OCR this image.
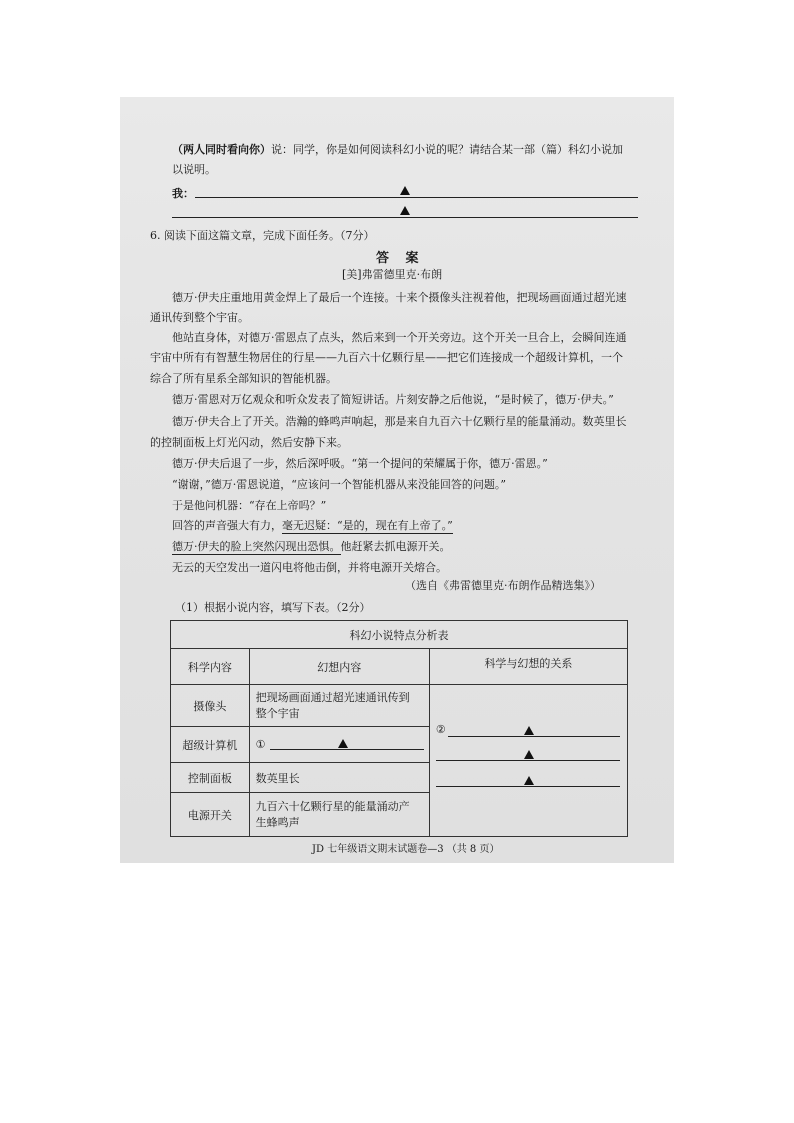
（两人同时看向你）说：同学，你是如何阅读科幻小说的呢？请结合某一部（篇）科幻小说加
以说明。
我：
6. 阅读下面这篇文章，完成下面任务。（7分）
答 案
[美]弗雷德里克·布朗
德万·伊夫庄重地用黄金焊上了最后一个连接。十来个摄像头注视着他，把现场画面通过超光速
通讯传到整个宇宙。
他站直身体，对德万·雷恩点了点头，然后来到一个开关旁边。这个开关一旦合上，会瞬间连通
宇宙中所有有智慧生物居住的行星——九百六十亿颗行星——把它们连接成一个超级计算机，一个
综合了所有星系全部知识的智能机器。
德万·雷恩对万亿观众和听众发表了简短讲话。片刻安静之后他说，“是时候了，德万·伊夫。”
德万·伊夫合上了开关。浩瀚的蜂鸣声响起，那是来自九百六十亿颗行星的能量涌动。数英里长
的控制面板上灯光闪动，然后安静下来。
德万·伊夫后退了一步，然后深呼吸。“第一个提问的荣耀属于你，德万·雷恩。”
“谢谢，”德万·雷恩说道，“应该问一个智能机器从来没能回答的问题。”
于是他问机器：“存在上帝吗？”
回答的声音强大有力，毫无迟疑：“是的，现在有上帝了。”
德万·伊夫的脸上突然闪现出恐惧。他赶紧去抓电源开关。
无云的天空发出一道闪电将他击倒，并将电源开关熔合。
（选自《弗雷德里克·布朗作品精选集》）
（1）根据小说内容，填写下表。（2分）
科幻小说特点分析表		
科学内容	幻想内容	科学与幻想的关系
摄像头	把现场画面通过超光速通讯传到
整个宇宙	②

超级计算机	①	

控制面板	数英里长	
电源开关	九百六十亿颗行星的能量涌动产
生蜂鸣声	
JD 七年级语文期末试题卷—3 （共 8 页）
